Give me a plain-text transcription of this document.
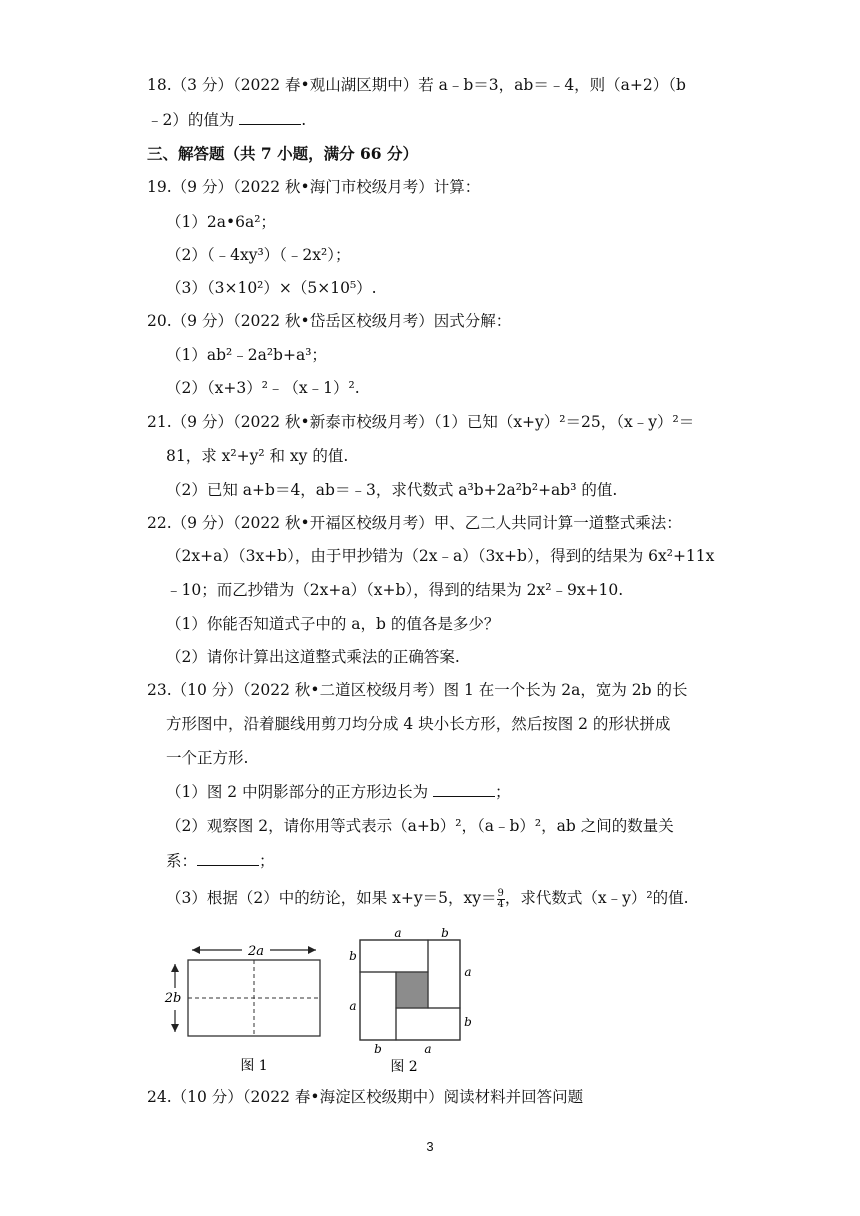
18.（3 分）（2022 春•观山湖区期中）若 a﹣b＝3，ab＝﹣4，则（a+2）（b
﹣2）的值为	.
三、解答题（共 7 小题，满分 66 分）
19.（9 分）（2022 秋•海门市校级月考）计算：
（1）2a•6a²；
（2）（﹣4xy³）（﹣2x²）；
（3）（3×10²）×（5×10⁵）.
20.（9 分）（2022 秋•岱岳区校级月考）因式分解：
（1）ab²﹣2a²b+a³；
（2）（x+3）²﹣（x﹣1）².
21.（9 分）（2022 秋•新泰市校级月考）（1）已知（x+y）²＝25，（x﹣y）²＝
81，求 x²+y² 和 xy 的值.
（2）已知 a+b＝4，ab＝﹣3，求代数式 a³b+2a²b²+ab³ 的值.
22.（9 分）（2022 秋•开福区校级月考）甲、乙二人共同计算一道整式乘法：
（2x+a）（3x+b），由于甲抄错为（2x﹣a）（3x+b），得到的结果为 6x²+11x
﹣10；而乙抄错为（2x+a）（x+b），得到的结果为 2x²﹣9x+10.
（1）你能否知道式子中的 a，b 的值各是多少？
（2）请你计算出这道整式乘法的正确答案.
23.（10 分）（2022 秋•二道区校级月考）图 1 在一个长为 2a，宽为 2b 的长
方形图中，沿着腿线用剪刀均分成 4 块小长方形，然后按图 2 的形状拼成
一个正方形.
（1）图 2 中阴影部分的正方形边长为	；
（2）观察图 2，请你用等式表示（a+b）²，（a﹣b）²，ab 之间的数量关
系：	；
（3）根据（2）中的纺论，如果 x+y＝5，$xy= \frac{9}{4}$ ，求代数式（x﹣y）²的值.
2a
2b
图 1
a	b
b
a
a
b
b	a
图 2
24.（10 分）（2022 春•海淀区校级期中）阅读材料并回答问题
3
